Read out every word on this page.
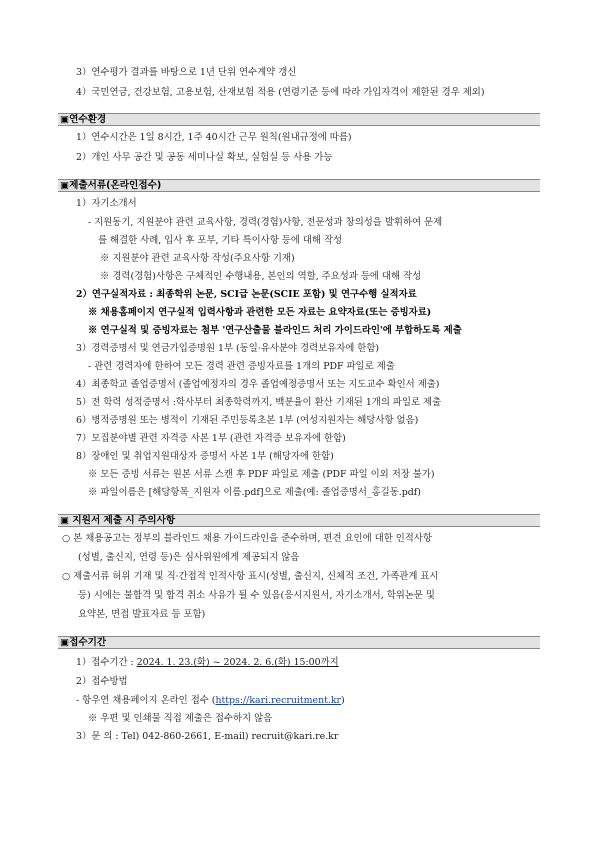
3）연수평가 결과를 바탕으로 1년 단위 연수계약 갱신
4）국민연금, 건강보험, 고용보험, 산재보험 적용 (연령기준 등에 따라 가입자격이 제한된 경우 제외)
▣연수환경
1）연수시간은 1일 8시간, 1주 40시간 근무 원칙(원내규정에 따름)
2）개인 사무 공간 및 공동 세미나실 확보, 실험실 등 사용 가능
▣제출서류(온라인접수)
1）자기소개서
- 지원동기, 지원분야 관련 교육사항, 경력(경험)사항, 전문성과 창의성을 발휘하여 문제
를 해결한 사례, 입사 후 포부, 기타 특이사항 등에 대해 작성
※ 지원분야 관련 교육사항 작성(주요사항 기재)
※ 경력(경험)사항은 구체적인 수행내용, 본인의 역할, 주요성과 등에 대해 작성
2）연구실적자료 : 최종학위 논문, SCI급 논문(SCIE 포함) 및 연구수행 실적자료
※ 채용홈페이지 연구실적 입력사항과 관련한 모든 자료는 요약자료(또는 증빙자료)
※ 연구실적 및 증빙자료는 첨부 '연구산출물 블라인드 처리 가이드라인'에 부합하도록 제출
3）경력증명서 및 연금가입증명원 1부 (동일·유사분야 경력보유자에 한함)
- 관련 경력자에 한하여 모든 경력 관련 증빙자료를 1개의 PDF 파일로 제출
4）최종학교 졸업증명서 (졸업예정자의 경우 졸업예정증명서 또는 지도교수 확인서 제출)
5）전 학력 성적증명서 :학사부터 최종학력까지, 백분율이 환산 기재된 1개의 파일로 제출
6）병적증명원 또는 병적이 기재된 주민등록초본 1부 (여성지원자는 해당사항 없음)
7）모집분야별 관련 자격증 사본 1부 (관련 자격증 보유자에 한함)
8）장애인 및 취업지원대상자 증명서 사본 1부 (해당자에 한함)
※ 모든 증빙 서류는 원본 서류 스캔 후 PDF 파일로 제출 (PDF 파일 이외 저장 불가)
※ 파일이름은 [해당항목_지원자 이름.pdf]으로 제출(예: 졸업증명서_홍길동.pdf)
▣ 지원서 제출 시 주의사항
○ 본 채용공고는 정부의 블라인드 채용 가이드라인을 준수하며, 편견 요인에 대한 인적사항
(성별, 출신지, 연령 등)은 심사위원에게 제공되지 않음
○ 제출서류 허위 기재 및 직·간접적 인적사항 표시(성별, 출신지, 신체적 조건, 가족관계 표시
등) 시에는 불합격 및 합격 취소 사유가 될 수 있음(응시지원서, 자기소개서, 학위논문 및
요약본, 면접 발표자료 등 포함)
▣접수기간
1）접수기간 : 2024. 1. 23.(화) ~ 2024. 2. 6.(화) 15:00까지
2）접수방법
- 항우연 채용페이지 온라인 접수 (https://kari.recruitment.kr)
※ 우편 및 인쇄물 직접 제출은 접수하지 않음
3）문 의 : Tel) 042-860-2661, E-mail) recruit@kari.re.kr
